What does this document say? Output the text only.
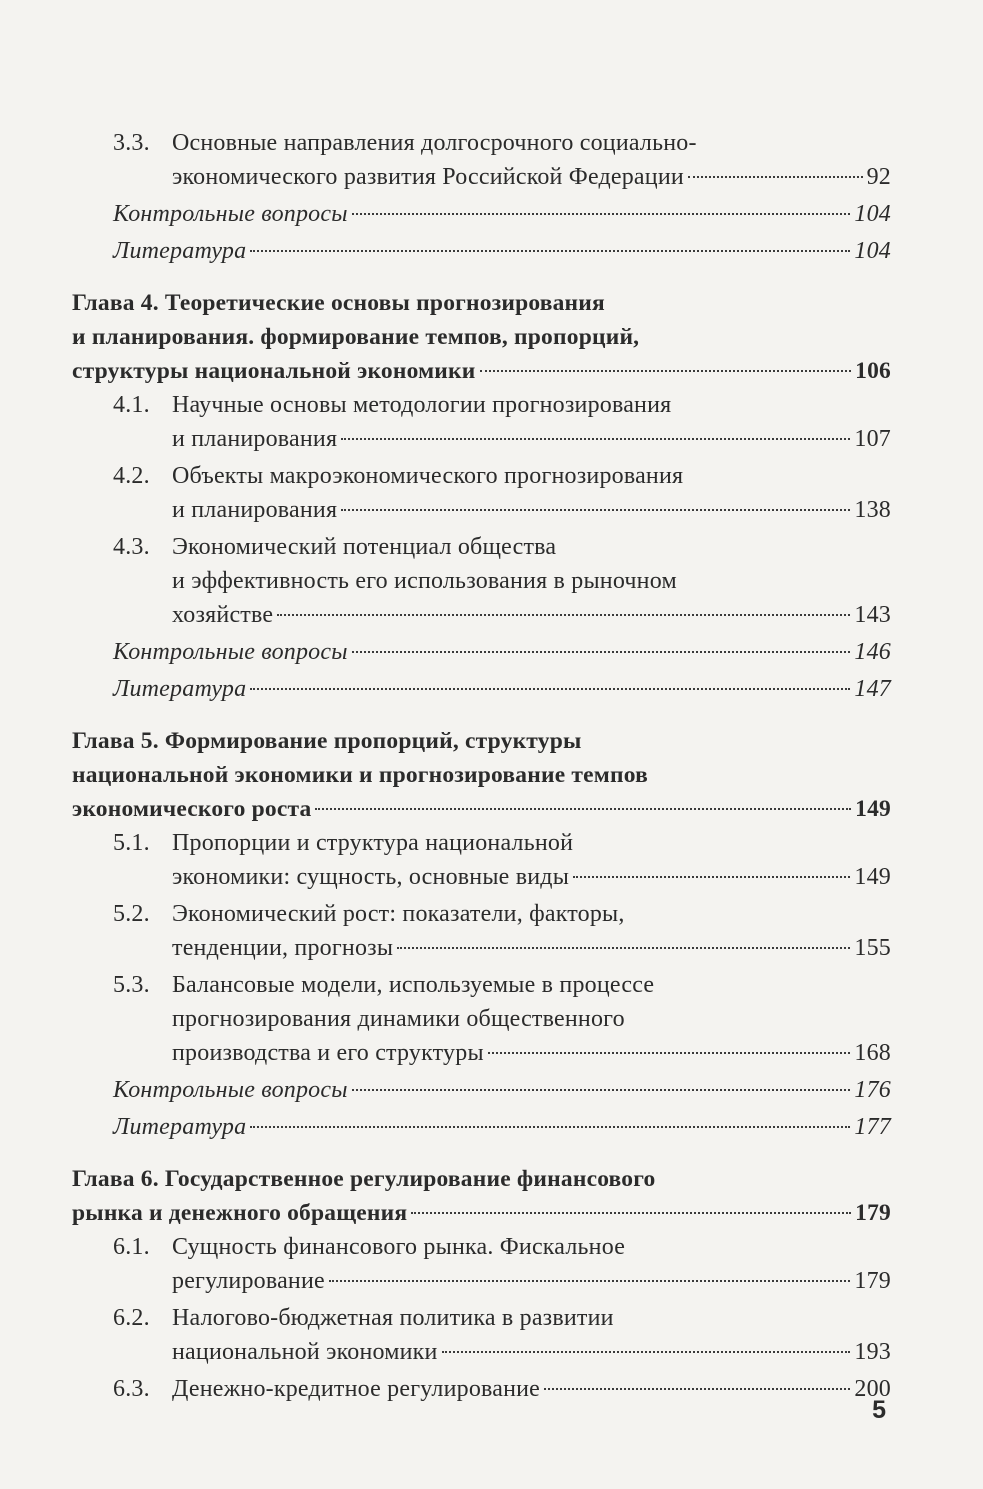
3.3. Основные направления долгосрочного социально-
экономического развития Российской Федерации	92
Контрольные вопросы	104
Литература	104
Глава 4. Теоретические основы прогнозирования
и планирования. формирование темпов, пропорций,
структуры национальной экономики	106
4.1. Научные основы методологии прогнозирования
и планирования	107
4.2. Объекты макроэкономического прогнозирования
и планирования	138
4.3. Экономический потенциал общества
и эффективность его использования в рыночном
хозяйстве	143
Контрольные вопросы	146
Литература	147
Глава 5. Формирование пропорций, структуры
национальной экономики и прогнозирование темпов
экономического роста	149
5.1. Пропорции и структура национальной
экономики: сущность, основные виды	149
5.2. Экономический рост: показатели, факторы,
тенденции, прогнозы	155
5.3. Балансовые модели, используемые в процессе
прогнозирования динамики общественного
производства и его структуры	168
Контрольные вопросы	176
Литература	177
Глава 6. Государственное регулирование финансового
рынка и денежного обращения	179
6.1. Сущность финансового рынка. Фискальное
регулирование	179
6.2. Налогово-бюджетная политика в развитии
национальной экономики	193
6.3. Денежно-кредитное регулирование	200
5
